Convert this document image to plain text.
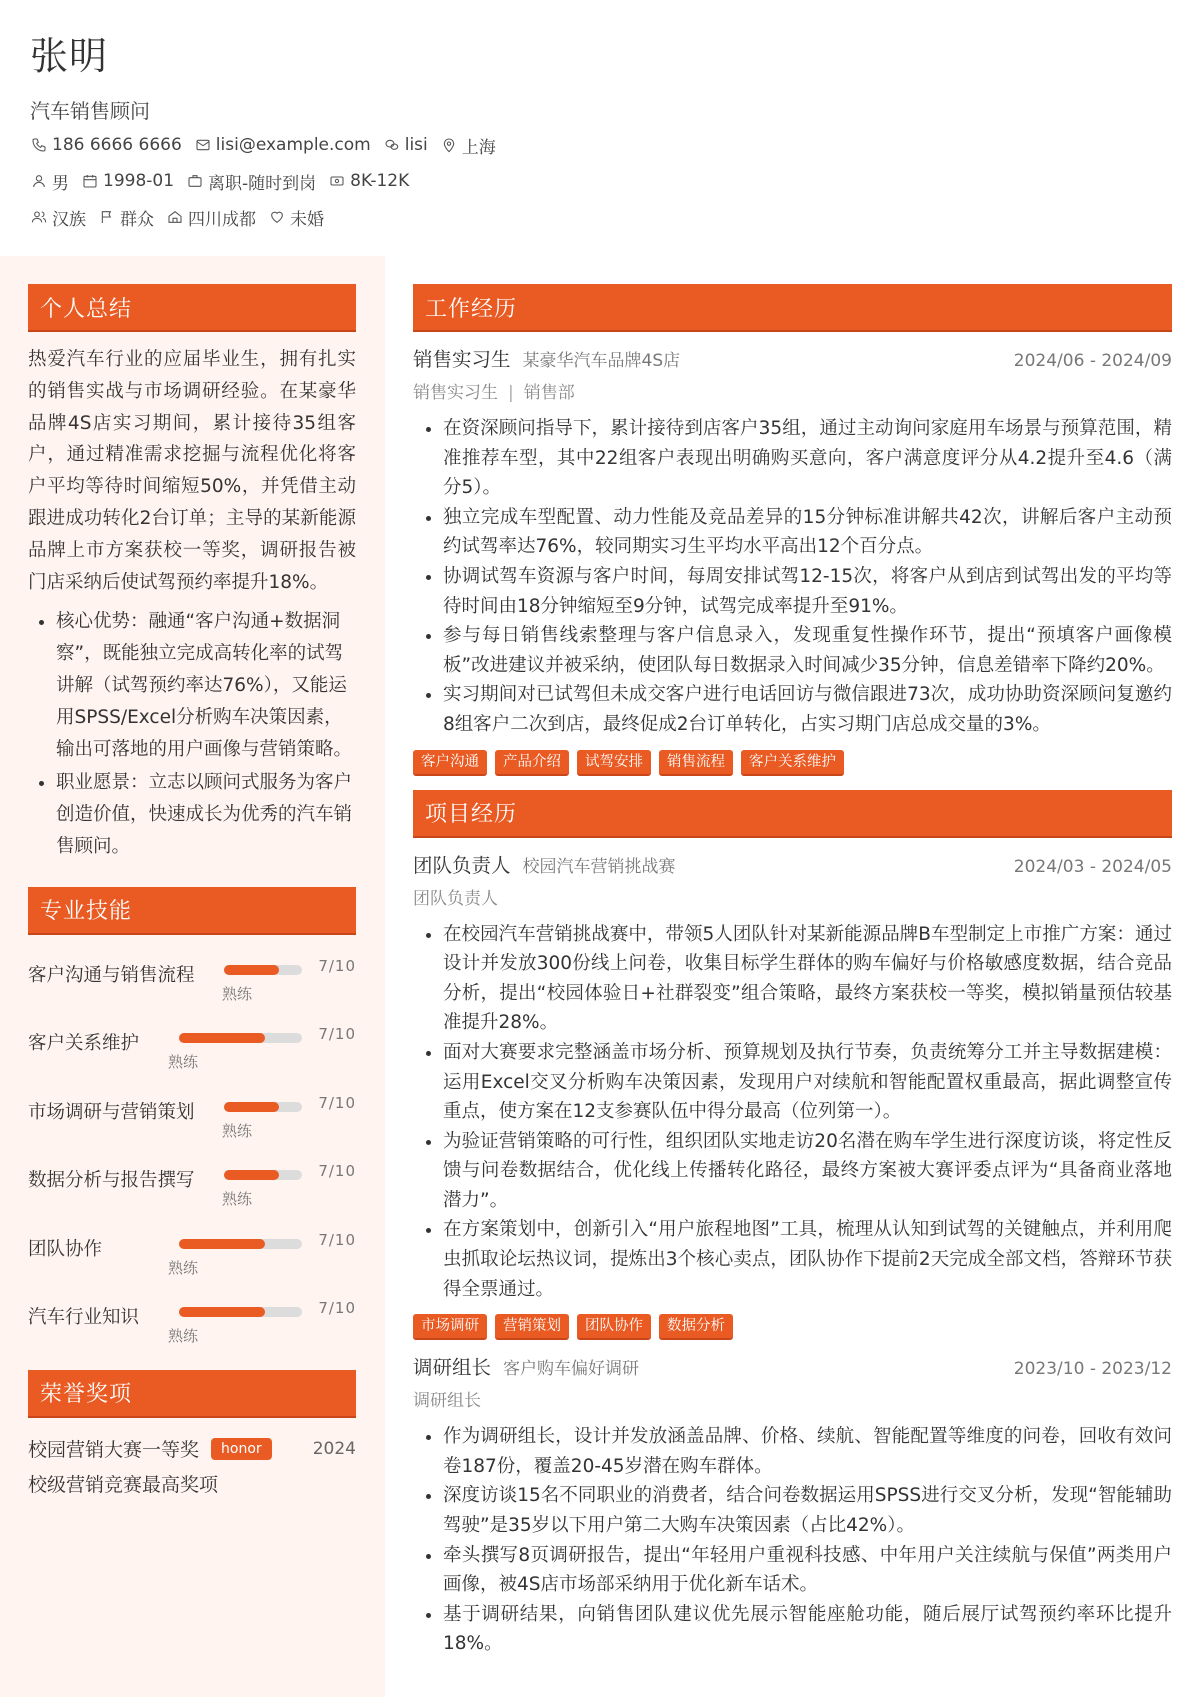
张明
汽车销售顾问
186 6666 6666 lisi@example.com lisi 上海
男 1998-01 离职-随时到岗 8K-12K
汉族 群众 四川成都 未婚
个人总结
热爱汽车行业的应届毕业生，拥有扎实的销售实战与市场调研经验。在某豪华品牌4S店实习期间，累计接待35组客户，通过精准需求挖掘与流程优化将客户平均等待时间缩短50%，并凭借主动跟进成功转化2台订单；主导的某新能源品牌上市方案获校一等奖，调研报告被门店采纳后使试驾预约率提升18%。
• 核心优势：融通“客户沟通+数据洞察”，既能独立完成高转化率的试驾讲解（试驾预约率达76%），又能运用SPSS/Excel分析购车决策因素，输出可落地的用户画像与营销策略。
• 职业愿景：立志以顾问式服务为客户创造价值，快速成长为优秀的汽车销售顾问。
专业技能
客户沟通与销售流程	7/10
熟练
客户关系维护	7/10
熟练
市场调研与营销策划	7/10
熟练
数据分析与报告撰写	7/10
熟练
团队协作	7/10
熟练
汽车行业知识	7/10
熟练
荣誉奖项
校园营销大赛一等奖	honor	2024
校级营销竞赛最高奖项
工作经历
销售实习生 某豪华汽车品牌4S店	2024/06 - 2024/09
销售实习生 | 销售部
• 在资深顾问指导下，累计接待到店客户35组，通过主动询问家庭用车场景与预算范围，精准推荐车型，其中22组客户表现出明确购买意向，客户满意度评分从4.2提升至4.6（满分5）。
• 独立完成车型配置、动力性能及竞品差异的15分钟标准讲解共42次，讲解后客户主动预约试驾率达76%，较同期实习生平均水平高出12个百分点。
• 协调试驾车资源与客户时间，每周安排试驾12-15次，将客户从到店到试驾出发的平均等待时间由18分钟缩短至9分钟，试驾完成率提升至91%。
• 参与每日销售线索整理与客户信息录入，发现重复性操作环节，提出“预填客户画像模板”改进建议并被采纳，使团队每日数据录入时间减少35分钟，信息差错率下降约20%。
• 实习期间对已试驾但未成交客户进行电话回访与微信跟进73次，成功协助资深顾问复邀约8组客户二次到店，最终促成2台订单转化，占实习期门店总成交量的3%。
客户沟通	产品介绍	试驾安排	销售流程	客户关系维护
项目经历
团队负责人 校园汽车营销挑战赛	2024/03 - 2024/05
团队负责人
• 在校园汽车营销挑战赛中，带领5人团队针对某新能源品牌B车型制定上市推广方案：通过设计并发放300份线上问卷，收集目标学生群体的购车偏好与价格敏感度数据，结合竞品分析，提出“校园体验日+社群裂变”组合策略，最终方案获校一等奖，模拟销量预估较基准提升28%。
• 面对大赛要求完整涵盖市场分析、预算规划及执行节奏，负责统筹分工并主导数据建模：运用Excel交叉分析购车决策因素，发现用户对续航和智能配置权重最高，据此调整宣传重点，使方案在12支参赛队伍中得分最高（位列第一）。
• 为验证营销策略的可行性，组织团队实地走访20名潜在购车学生进行深度访谈，将定性反馈与问卷数据结合，优化线上传播转化路径，最终方案被大赛评委点评为“具备商业落地潜力”。
• 在方案策划中，创新引入“用户旅程地图”工具，梳理从认知到试驾的关键触点，并利用爬虫抓取论坛热议词，提炼出3个核心卖点，团队协作下提前2天完成全部文档，答辩环节获得全票通过。
市场调研	营销策划	团队协作	数据分析
调研组长 客户购车偏好调研	2023/10 - 2023/12
调研组长
• 作为调研组长，设计并发放涵盖品牌、价格、续航、智能配置等维度的问卷，回收有效问卷187份，覆盖20-45岁潜在购车群体。
• 深度访谈15名不同职业的消费者，结合问卷数据运用SPSS进行交叉分析，发现“智能辅助驾驶”是35岁以下用户第二大购车决策因素（占比42%）。
• 牵头撰写8页调研报告，提出“年轻用户重视科技感、中年用户关注续航与保值”两类用户画像，被4S店市场部采纳用于优化新车话术。
• 基于调研结果，向销售团队建议优先展示智能座舱功能，随后展厅试驾预约率环比提升18%。
